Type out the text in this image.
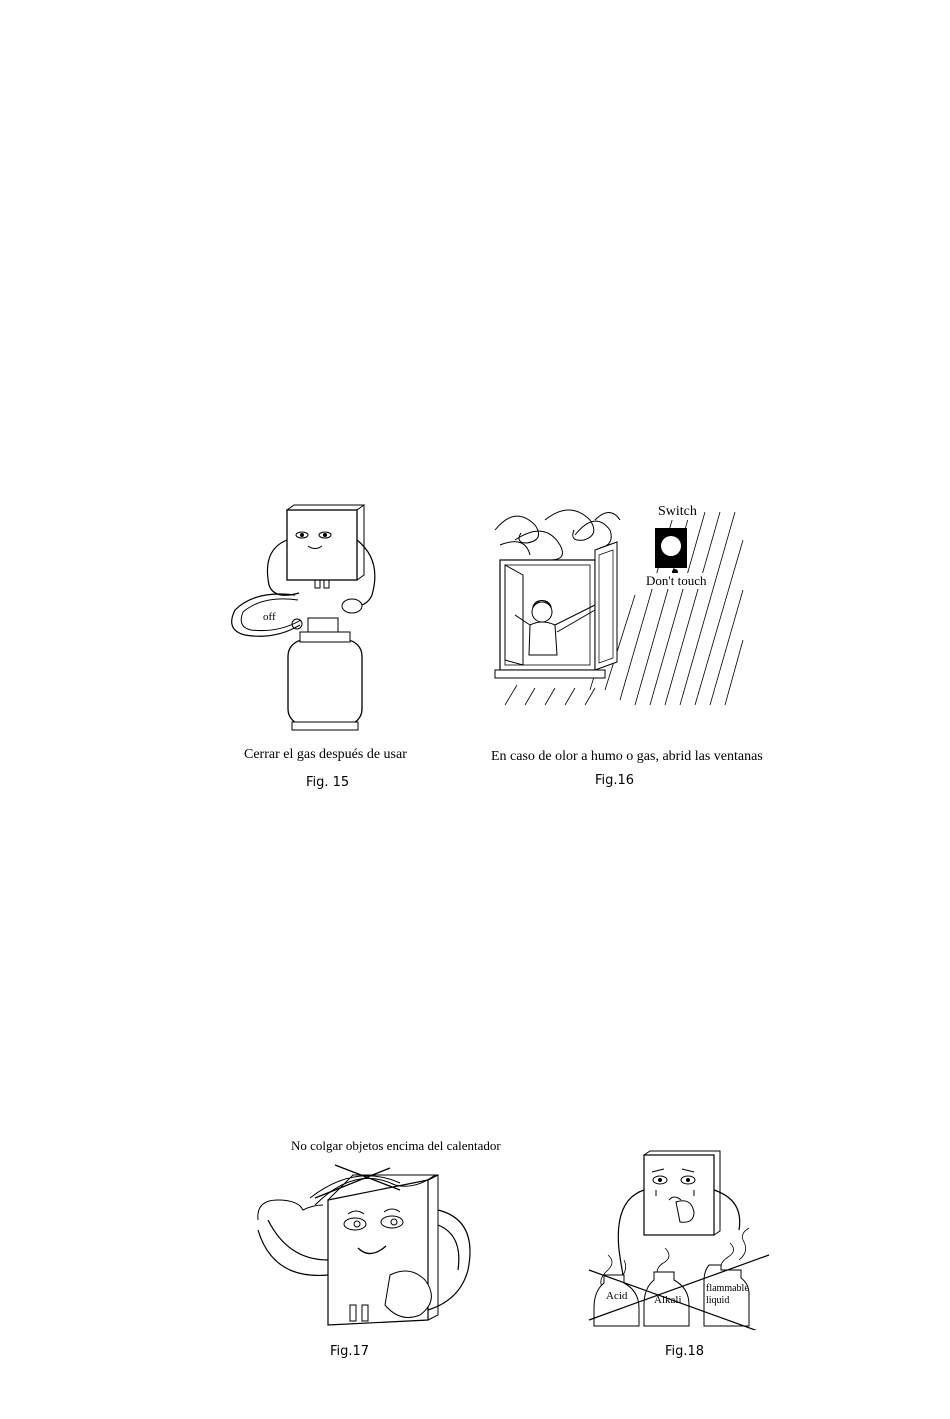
off
Cerrar el gas después de usar
Fig. 15
Switch
Don't touch
En caso de olor a humo o gas, abrid las ventanas
Fig.16
No colgar objetos encima del calentador
Fig.17
Acid Alkali
flammable
liquid
Fig.18
